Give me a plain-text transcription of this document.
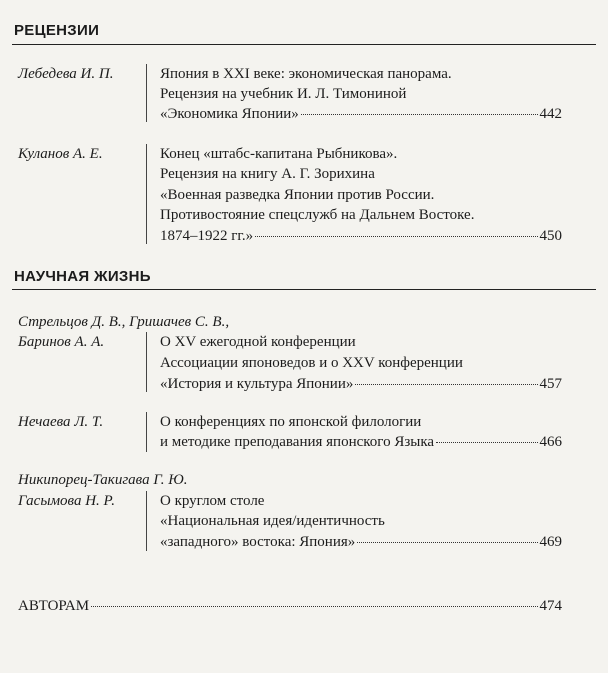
РЕЦЕНЗИИ
Лебедева И. П.	Япония в XXI веке: экономическая панорама.
Рецензия на учебник И. Л. Тимониной
«Экономика Японии»	442
Куланов А. Е.	Конец «штабс-капитана Рыбникова».
Рецензия на книгу А. Г. Зорихина
«Военная разведка Японии против России.
Противостояние спецслужб на Дальнем Востоке.
1874–1922 гг.»	450
НАУЧНАЯ ЖИЗНЬ
Стрельцов Д. В., Гришачев С. В.,
Баринов А. А.	О XV ежегодной конференции
Ассоциации японоведов и о XXV конференции
«История и культура Японии»	457
Нечаева Л. Т.	О конференциях по японской филологии
и методике преподавания японского Языка	466
Никипорец-Такигава Г. Ю.
Гасымова Н. Р.	О круглом столе
«Национальная идея/идентичность
«западного» востока: Япония»	469
АВТОРАМ	474
